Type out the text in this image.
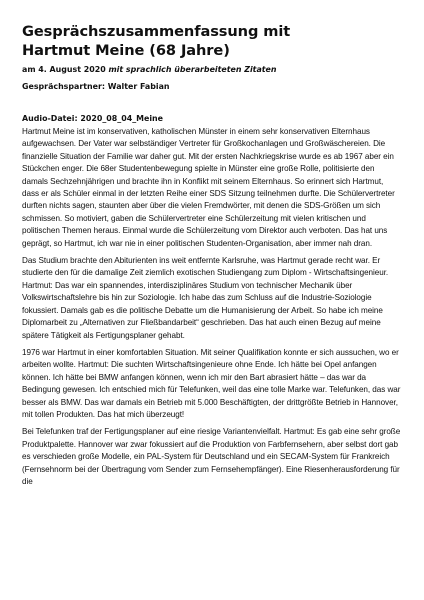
Gesprächszusammenfassung mit
Hartmut Meine (68 Jahre)

am 4. August 2020 mit sprachlich überarbeiteten Zitaten

Gesprächspartner: Walter Fabian

Audio-Datei: 2020_08_04_Meine

Hartmut Meine ist im konservativen, katholischen Münster in einem sehr konservativen Elternhaus aufgewachsen. Der Vater war selbständiger Vertreter für Großkochanlagen und Großwäschereien. Die finanzielle Situation der Familie war daher gut. Mit der ersten Nachkriegskrise wurde es ab 1967 aber ein Stückchen enger. Die 68er Studentenbewegung spielte in Münster eine große Rolle, politisierte den damals Sechzehnjährigen und brachte ihn in Konflikt mit seinem Elternhaus. So erinnert sich Hartmut, dass er als Schüler einmal in der letzten Reihe einer SDS Sitzung teilnehmen durfte. Die Schülervertreter durften nichts sagen, staunten aber über die vielen Fremdwörter, mit denen die SDS-Größen um sich schmissen. So motiviert, gaben die Schülervertreter eine Schülerzeitung mit vielen kritischen und politischen Themen heraus. Einmal wurde die Schülerzeitung vom Direktor auch verboten. Das hat uns geprägt, so Hartmut, ich war nie in einer politischen Studenten-Organisation, aber immer nah dran.

Das Studium brachte den Abiturienten ins weit entfernte Karlsruhe, was Hartmut gerade recht war. Er studierte den für die damalige Zeit ziemlich exotischen Studiengang zum Diplom - Wirtschaftsingenieur. Hartmut: Das war ein spannendes, interdisziplinäres Studium von technischer Mechanik über Volkswirtschaftslehre bis hin zur Soziologie. Ich habe das zum Schluss auf die Industrie-Soziologie fokussiert. Damals gab es die politische Debatte um die Humanisierung der Arbeit. So habe ich meine Diplomarbeit zu „Alternativen zur Fließbandarbeit“ geschrieben. Das hat auch einen Bezug auf meine spätere Tätigkeit als Fertigungsplaner gehabt.

1976 war Hartmut in einer komfortablen Situation. Mit seiner Qualifikation konnte er sich aussuchen, wo er arbeiten wollte. Hartmut: Die suchten Wirtschaftsingenieure ohne Ende. Ich hätte bei Opel anfangen können. Ich hätte bei BMW anfangen können, wenn ich mir den Bart abrasiert hätte – das war da Bedingung gewesen. Ich entschied mich für Telefunken, weil das eine tolle Marke war. Telefunken, das war besser als BMW. Das war damals ein Betrieb mit 5.000 Beschäftigten, der drittgrößte Betrieb in Hannover, mit tollen Produkten. Das hat mich überzeugt!

Bei Telefunken traf der Fertigungsplaner auf eine riesige Variantenvielfalt. Hartmut: Es gab eine sehr große Produktpalette. Hannover war zwar fokussiert auf die Produktion von Farbfernsehern, aber selbst dort gab es verschieden große Modelle, ein PAL-System für Deutschland und ein SECAM-System für Frankreich (Fernsehnorm bei der Übertragung vom Sender zum Fernsehempfänger). Eine Riesenherausforderung für die
